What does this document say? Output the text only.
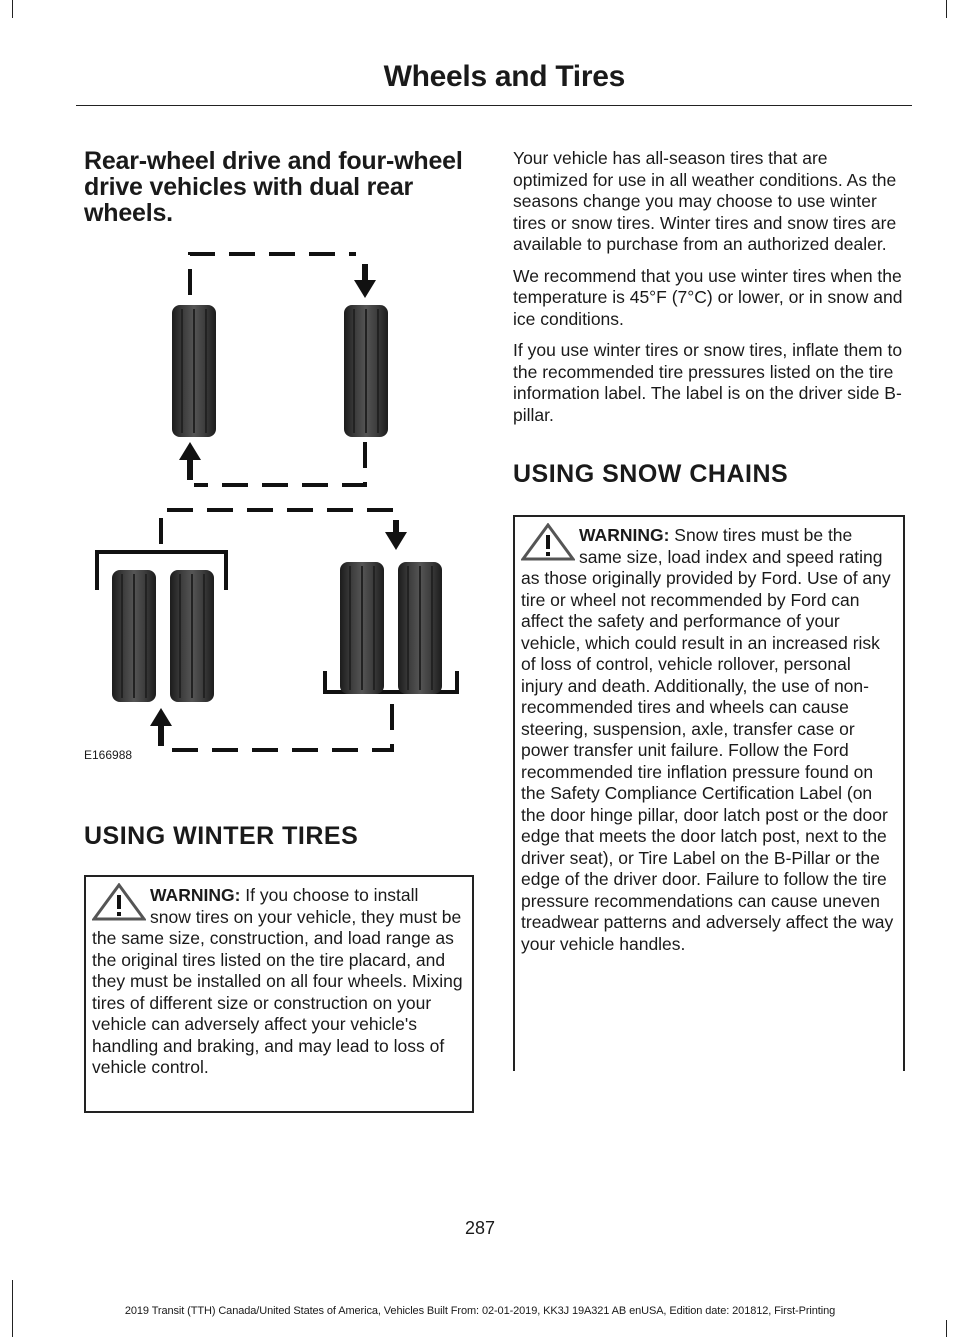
Wheels and Tires
Rear-wheel drive and four-wheel drive vehicles with dual rear wheels.
E166988
USING WINTER TIRES
WARNING: If you choose to install snow tires on your vehicle, they must be the same size, construction, and load range as the original tires listed on the tire placard, and they must be installed on all four wheels. Mixing tires of different size or construction on your vehicle can adversely affect your vehicle's handling and braking, and may lead to loss of vehicle control.

Your vehicle has all-season tires that are optimized for use in all weather conditions. As the seasons change you may choose to use winter tires or snow tires. Winter tires and snow tires are available to purchase from an authorized dealer.

We recommend that you use winter tires when the temperature is 45°F (7°C) or lower, or in snow and ice conditions.

If you use winter tires or snow tires, inflate them to the recommended tire pressures listed on the tire information label. The label is on the driver side B-pillar.

USING SNOW CHAINS
WARNING: Snow tires must be the same size, load index and speed rating as those originally provided by Ford. Use of any tire or wheel not recommended by Ford can affect the safety and performance of your vehicle, which could result in an increased risk of loss of control, vehicle rollover, personal injury and death. Additionally, the use of non-recommended tires and wheels can cause steering, suspension, axle, transfer case or power transfer unit failure. Follow the Ford recommended tire inflation pressure found on the Safety Compliance Certification Label (on the door hinge pillar, door latch post or the door edge that meets the door latch post, next to the driver seat), or Tire Label on the B-Pillar or the edge of the driver door. Failure to follow the tire pressure recommendations can cause uneven treadwear patterns and adversely affect the way your vehicle handles.
287
2019 Transit (TTH) Canada/United States of America, Vehicles Built From: 02-01-2019, KK3J 19A321 AB enUSA, Edition date: 201812, First-Printing
